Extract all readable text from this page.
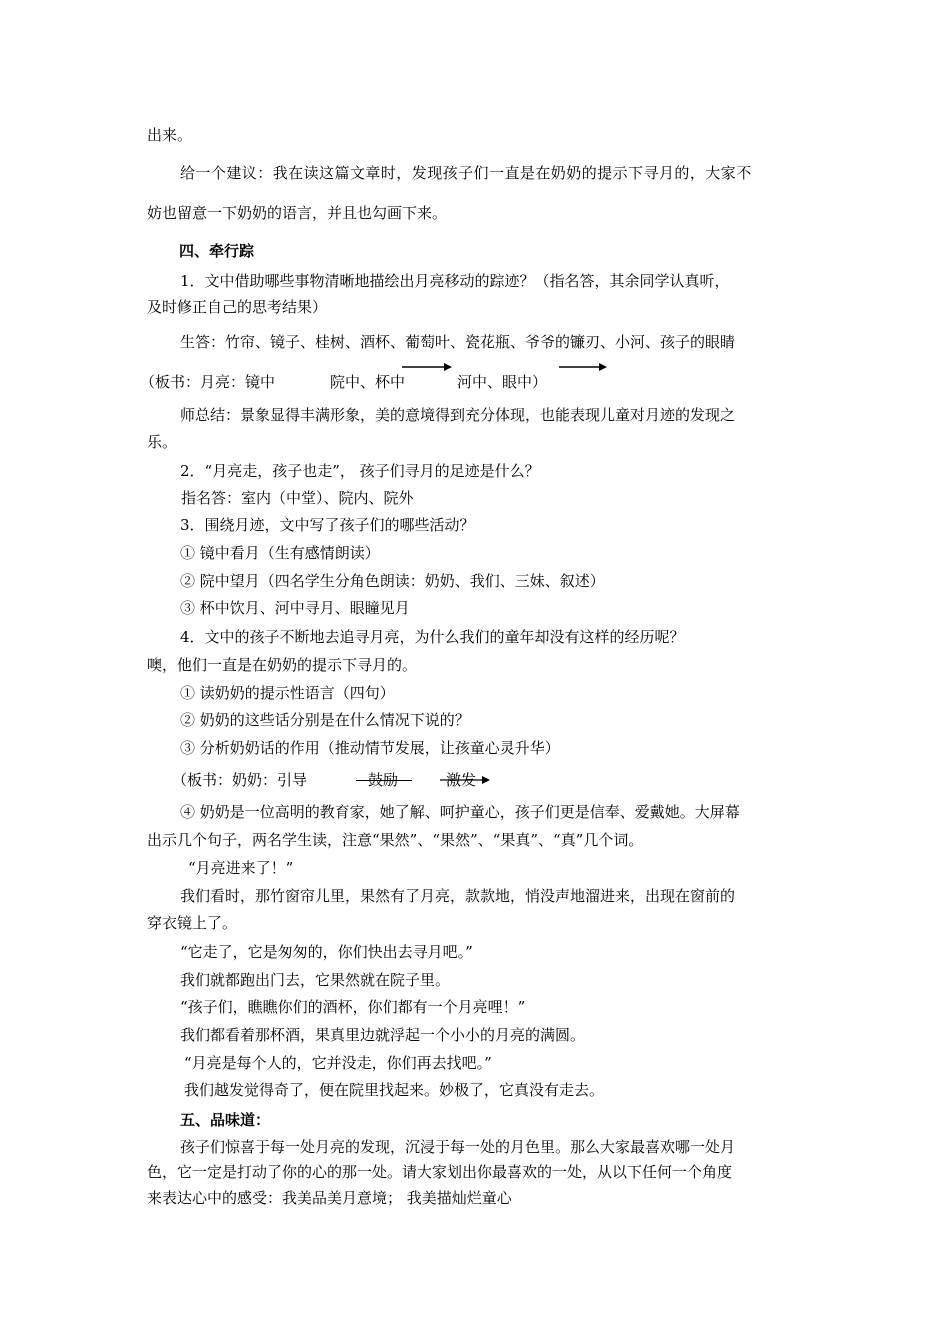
出来。
给一个建议：我在读这篇文章时，发现孩子们一直是在奶奶的提示下寻月的，大家不
妨也留意一下奶奶的语言，并且也勾画下来。
四、牵行踪
1．文中借助哪些事物清晰地描绘出月亮移动的踪迹？（指名答，其余同学认真听，
及时修正自己的思考结果）
生答：竹帘、镜子、桂树、酒杯、葡萄叶、瓷花瓶、爷爷的镰刃、小河、孩子的眼睛
（板书：月亮：镜中	院中、杯中	河中、眼中）
师总结：景象显得丰满形象，美的意境得到充分体现，也能表现儿童对月迹的发现之
乐。
2．“月亮走，孩子也走”， 孩子们寻月的足迹是什么？
指名答：室内（中堂）、院内、院外
3．围绕月迹，文中写了孩子们的哪些活动？
① 镜中看月（生有感情朗读）
② 院中望月（四名学生分角色朗读：奶奶、我们、三妹、叙述）
③ 杯中饮月、河中寻月、眼瞳见月
4．文中的孩子不断地去追寻月亮，为什么我们的童年却没有这样的经历呢？
噢，他们一直是在奶奶的提示下寻月的。
① 读奶奶的提示性语言（四句）
② 奶奶的这些话分别是在什么情况下说的？
③ 分析奶奶话的作用（推动情节发展，让孩童心灵升华）
（板书：奶奶：引导	鼓励	激发
④ 奶奶是一位高明的教育家，她了解、呵护童心，孩子们更是信奉、爱戴她。大屏幕
出示几个句子，两名学生读，注意“果然”、“果然”、“果真”、“真”几个词。
“月亮进来了！”
我们看时，那竹窗帘儿里，果然有了月亮，款款地，悄没声地溜进来，出现在窗前的
穿衣镜上了。
“它走了，它是匆匆的，你们快出去寻月吧。”
我们就都跑出门去，它果然就在院子里。
“孩子们，瞧瞧你们的酒杯，你们都有一个月亮哩！”
我们都看着那杯酒，果真里边就浮起一个小小的月亮的满圆。
“月亮是每个人的，它并没走，你们再去找吧。”
我们越发觉得奇了，便在院里找起来。妙极了，它真没有走去。
五、品味道：
孩子们惊喜于每一处月亮的发现，沉浸于每一处的月色里。那么大家最喜欢哪一处月
色，它一定是打动了你的心的那一处。请大家划出你最喜欢的一处，从以下任何一个角度
来表达心中的感受：我美品美月意境； 我美描灿烂童心
